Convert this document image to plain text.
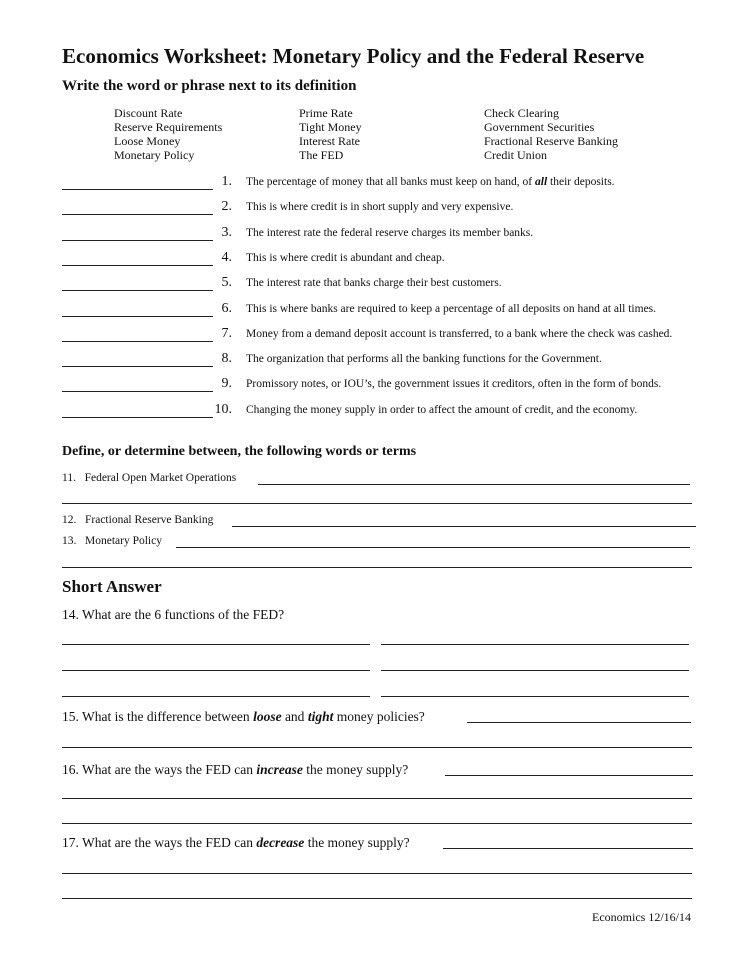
Economics Worksheet: Monetary Policy and the Federal Reserve
Write the word or phrase next to its definition
Discount Rate
Reserve Requirements
Loose Money
Monetary Policy
Prime Rate
Tight Money
Interest Rate
The FED
Check Clearing
Government Securities
Fractional Reserve Banking
Credit Union
1. The percentage of money that all banks must keep on hand, of all their deposits.
2. This is where credit is in short supply and very expensive.
3. The interest rate the federal reserve charges its member banks.
4. This is where credit is abundant and cheap.
5. The interest rate that banks charge their best customers.
6. This is where banks are required to keep a percentage of all deposits on hand at all times.
7. Money from a demand deposit account is transferred, to a bank where the check was cashed.
8. The organization that performs all the banking functions for the Government.
9. Promissory notes, or IOU’s, the government issues it creditors, often in the form of bonds.
10. Changing the money supply in order to affect the amount of credit, and the economy.
Define, or determine between, the following words or terms
11. Federal Open Market Operations
12. Fractional Reserve Banking
13. Monetary Policy
Short Answer
14. What are the 6 functions of the FED?
15. What is the difference between loose and tight money policies?
16. What are the ways the FED can increase the money supply?
17. What are the ways the FED can decrease the money supply?
Economics 12/16/14
